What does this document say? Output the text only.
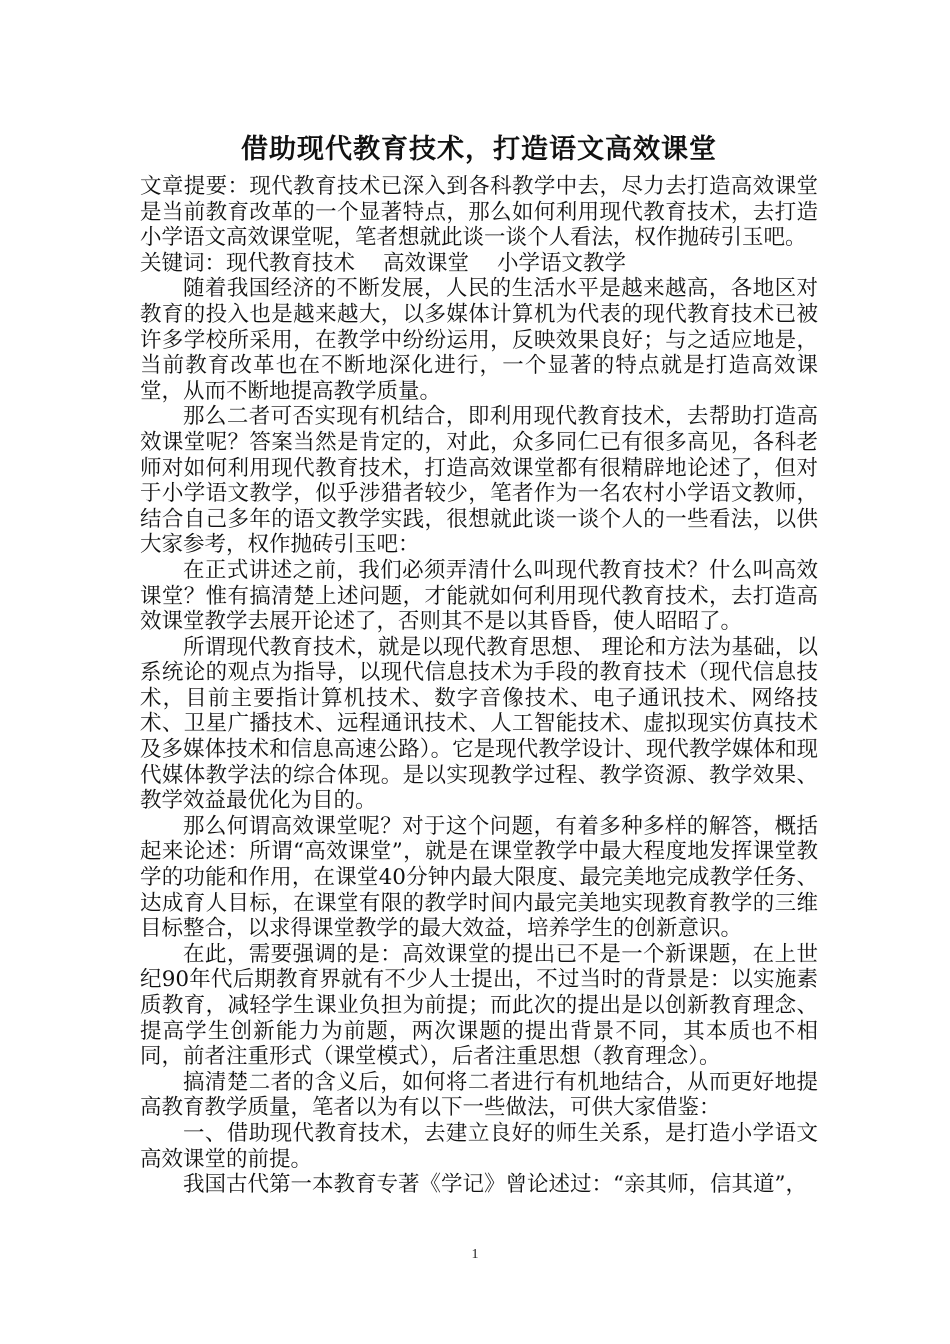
借助现代教育技术，打造语文高效课堂

文章提要：现代教育技术已深入到各科教学中去，尽力去打造高效课堂是当前教育改革的一个显著特点，那么如何利用现代教育技术，去打造小学语文高效课堂呢，笔者想就此谈一谈个人看法，权作抛砖引玉吧。

关键词：现代教育技术 高效课堂 小学语文教学

随着我国经济的不断发展，人民的生活水平是越来越高，各地区对教育的投入也是越来越大，以多媒体计算机为代表的现代教育技术已被许多学校所采用，在教学中纷纷运用，反映效果良好；与之适应地是，当前教育改革也在不断地深化进行，一个显著的特点就是打造高效课堂，从而不断地提高教学质量。

那么二者可否实现有机结合，即利用现代教育技术，去帮助打造高效课堂呢？答案当然是肯定的，对此，众多同仁已有很多高见，各科老师对如何利用现代教育技术，打造高效课堂都有很精辟地论述了，但对于小学语文教学，似乎涉猎者较少，笔者作为一名农村小学语文教师，结合自己多年的语文教学实践，很想就此谈一谈个人的一些看法，以供大家参考，权作抛砖引玉吧：

在正式讲述之前，我们必须弄清什么叫现代教育技术？什么叫高效课堂？惟有搞清楚上述问题，才能就如何利用现代教育技术，去打造高效课堂教学去展开论述了，否则其不是以其昏昏，使人昭昭了。

所谓现代教育技术，就是以现代教育思想、 理论和方法为基础，以系统论的观点为指导，以现代信息技术为手段的教育技术（现代信息技术，目前主要指计算机技术、数字音像技术、电子通讯技术、网络技术、卫星广播技术、远程通讯技术、人工智能技术、虚拟现实仿真技术及多媒体技术和信息高速公路）。它是现代教学设计、现代教学媒体和现代媒体教学法的综合体现。是以实现教学过程、教学资源、教学效果、教学效益最优化为目的。

那么何谓高效课堂呢？对于这个问题，有着多种多样的解答，概括起来论述：所谓“高效课堂”，就是在课堂教学中最大程度地发挥课堂教学的功能和作用，在课堂40分钟内最大限度、最完美地完成教学任务、达成育人目标，在课堂有限的教学时间内最完美地实现教育教学的三维目标整合，以求得课堂教学的最大效益，培养学生的创新意识。

在此，需要强调的是：高效课堂的提出已不是一个新课题，在上世纪90年代后期教育界就有不少人士提出，不过当时的背景是：以实施素质教育，减轻学生课业负担为前提；而此次的提出是以创新教育理念、提高学生创新能力为前题，两次课题的提出背景不同，其本质也不相同，前者注重形式（课堂模式），后者注重思想（教育理念）。

搞清楚二者的含义后，如何将二者进行有机地结合，从而更好地提高教育教学质量，笔者以为有以下一些做法，可供大家借鉴：

一、借助现代教育技术，去建立良好的师生关系，是打造小学语文高效课堂的前提。

我国古代第一本教育专著《学记》曾论述过：“亲其师，信其道”，

1
